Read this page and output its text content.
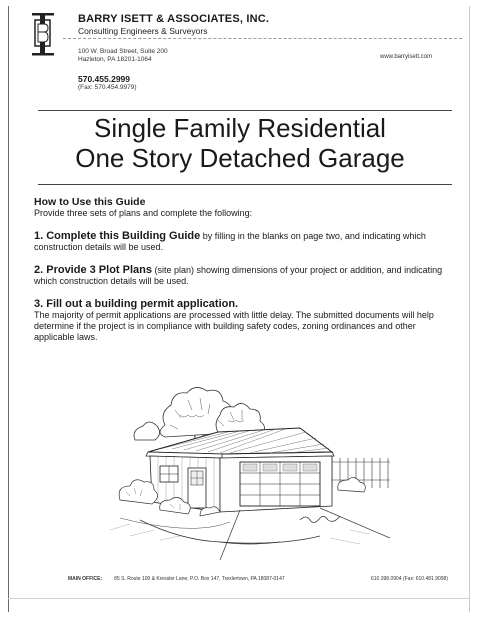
BARRY ISETT & ASSOCIATES, INC.
Consulting Engineers & Surveyors
100 W. Broad Street, Suite 200
Hazleton, PA 18201-1064	www.barryisett.com
570.455.2999
(Fax: 570.454.9979)
Single Family Residential
One Story Detached Garage
How to Use this Guide

Provide three sets of plans and complete the following:

1. Complete this Building Guide by filling in the blanks on page two, and indicating which construction details will be used.
2. Provide 3 Plot Plans (site plan) showing dimensions of your project or addition, and indicating which construction details will be used.
3. Fill out a building permit application.
The majority of permit applications are processed with little delay. The submitted documents will help determine if the project is in compliance with building safety codes, zoning ordinances and other applicable laws.
MAIN OFFICE: 85 S. Route 100 & Kressler Lane, P.O. Box 147, Trexlertown, PA 18087-0147	610.398.0904 (Fax: 610.481.9098)
